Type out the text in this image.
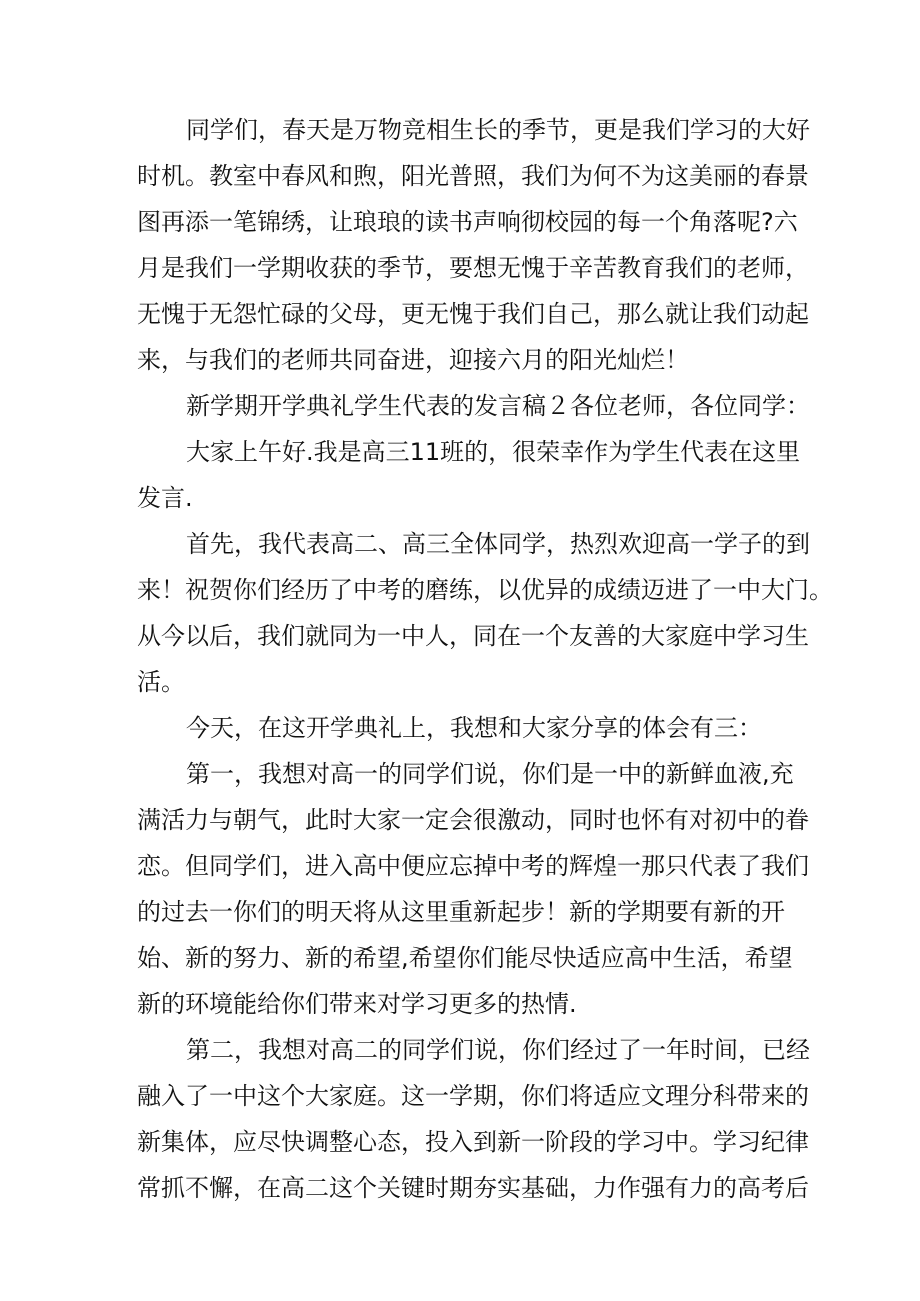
同学们，春天是万物竞相生长的季节，更是我们学习的大好
时机。教室中春风和煦，阳光普照，我们为何不为这美丽的春景
图再添一笔锦绣，让琅琅的读书声响彻校园的每一个角落呢?六
月是我们一学期收获的季节，要想无愧于辛苦教育我们的老师，
无愧于无怨忙碌的父母，更无愧于我们自己，那么就让我们动起
来，与我们的老师共同奋进，迎接六月的阳光灿烂！
新学期开学典礼学生代表的发言稿２各位老师，各位同学：
大家上午好.我是高三11班的，很荣幸作为学生代表在这里
发言.
首先，我代表高二、高三全体同学，热烈欢迎高一学子的到
来！祝贺你们经历了中考的磨练，以优异的成绩迈进了一中大门。
从今以后，我们就同为一中人，同在一个友善的大家庭中学习生
活。
今天，在这开学典礼上，我想和大家分享的体会有三：
第一，我想对高一的同学们说，你们是一中的新鲜血液,充
满活力与朝气，此时大家一定会很激动，同时也怀有对初中的眷
恋。但同学们，进入高中便应忘掉中考的辉煌一那只代表了我们
的过去一你们的明天将从这里重新起步！新的学期要有新的开
始、新的努力、新的希望,希望你们能尽快适应高中生活，希望
新的环境能给你们带来对学习更多的热情.
第二，我想对高二的同学们说，你们经过了一年时间，已经
融入了一中这个大家庭。这一学期，你们将适应文理分科带来的
新集体，应尽快调整心态，投入到新一阶段的学习中。学习纪律
常抓不懈，在高二这个关键时期夯实基础，力作强有力的高考后
